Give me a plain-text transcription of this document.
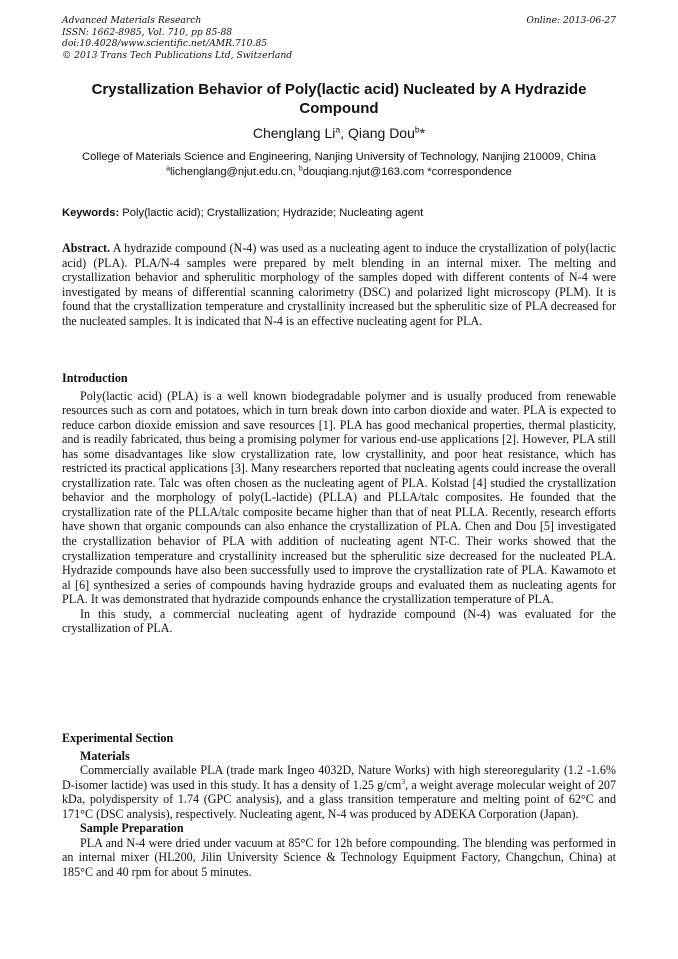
Advanced Materials Research
ISSN: 1662-8985, Vol. 710, pp 85-88
doi:10.4028/www.scientific.net/AMR.710.85
© 2013 Trans Tech Publications Ltd, Switzerland
Online: 2013-06-27
Crystallization Behavior of Poly(lactic acid) Nucleated by A Hydrazide Compound
Chenglang Li$^a$, Qiang Dou$^b$*
College of Materials Science and Engineering, Nanjing University of Technology, Nanjing 210009, China
$^a$lichenglang@njut.edu.cn, $^b$douqiang.njut@163.com *correspondence
Keywords: Poly(lactic acid); Crystallization; Hydrazide; Nucleating agent
Abstract. A hydrazide compound (N-4) was used as a nucleating agent to induce the crystallization of poly(lactic acid) (PLA). PLA/N-4 samples were prepared by melt blending in an internal mixer. The melting and crystallization behavior and spherulitic morphology of the samples doped with different contents of N-4 were investigated by means of differential scanning calorimetry (DSC) and polarized light microscopy (PLM). It is found that the crystallization temperature and crystallinity increased but the spherulitic size of PLA decreased for the nucleated samples. It is indicated that N-4 is an effective nucleating agent for PLA.
Introduction

Poly(lactic acid) (PLA) is a well known biodegradable polymer and is usually produced from renewable resources such as corn and potatoes, which in turn break down into carbon dioxide and water. PLA is expected to reduce carbon dioxide emission and save resources [1]. PLA has good mechanical properties, thermal plasticity, and is readily fabricated, thus being a promising polymer for various end-use applications [2]. However, PLA still has some disadvantages like slow crystallization rate, low crystallinity, and poor heat resistance, which has restricted its practical applications [3]. Many researchers reported that nucleating agents could increase the overall crystallization rate. Talc was often chosen as the nucleating agent of PLA. Kolstad [4] studied the crystallization behavior and the morphology of poly(L-lactide) (PLLA) and PLLA/talc composites. He founded that the crystallization rate of the PLLA/talc composite became higher than that of neat PLLA. Recently, research efforts have shown that organic compounds can also enhance the crystallization of PLA. Chen and Dou [5] investigated the crystallization behavior of PLA with addition of nucleating agent NT-C. Their works showed that the crystallization temperature and crystallinity increased but the spherulitic size decreased for the nucleated PLA. Hydrazide compounds have also been successfully used to improve the crystallization rate of PLA. Kawamoto et al [6] synthesized a series of compounds having hydrazide groups and evaluated them as nucleating agents for PLA. It was demonstrated that hydrazide compounds enhance the crystallization temperature of PLA.

In this study, a commercial nucleating agent of hydrazide compound (N-4) was evaluated for the crystallization of PLA.

Experimental Section
Materials

Commercially available PLA (trade mark Ingeo 4032D, Nature Works) with high stereoregularity (1.2 -1.6% D-isomer lactide) was used in this study. It has a density of 1.25 $g/cm^3$, a weight average molecular weight of 207 kDa, polydispersity of 1.74 (GPC analysis), and a glass transition temperature and melting point of 62°C and 171°C (DSC analysis), respectively. Nucleating agent, N-4 was produced by ADEKA Corporation (Japan).

Sample Preparation

PLA and N-4 were dried under vacuum at 85°C for 12h before compounding. The blending was performed in an internal mixer (HL200, Jilin University Science & Technology Equipment Factory, Changchun, China) at 185°C and 40 rpm for about 5 minutes.
